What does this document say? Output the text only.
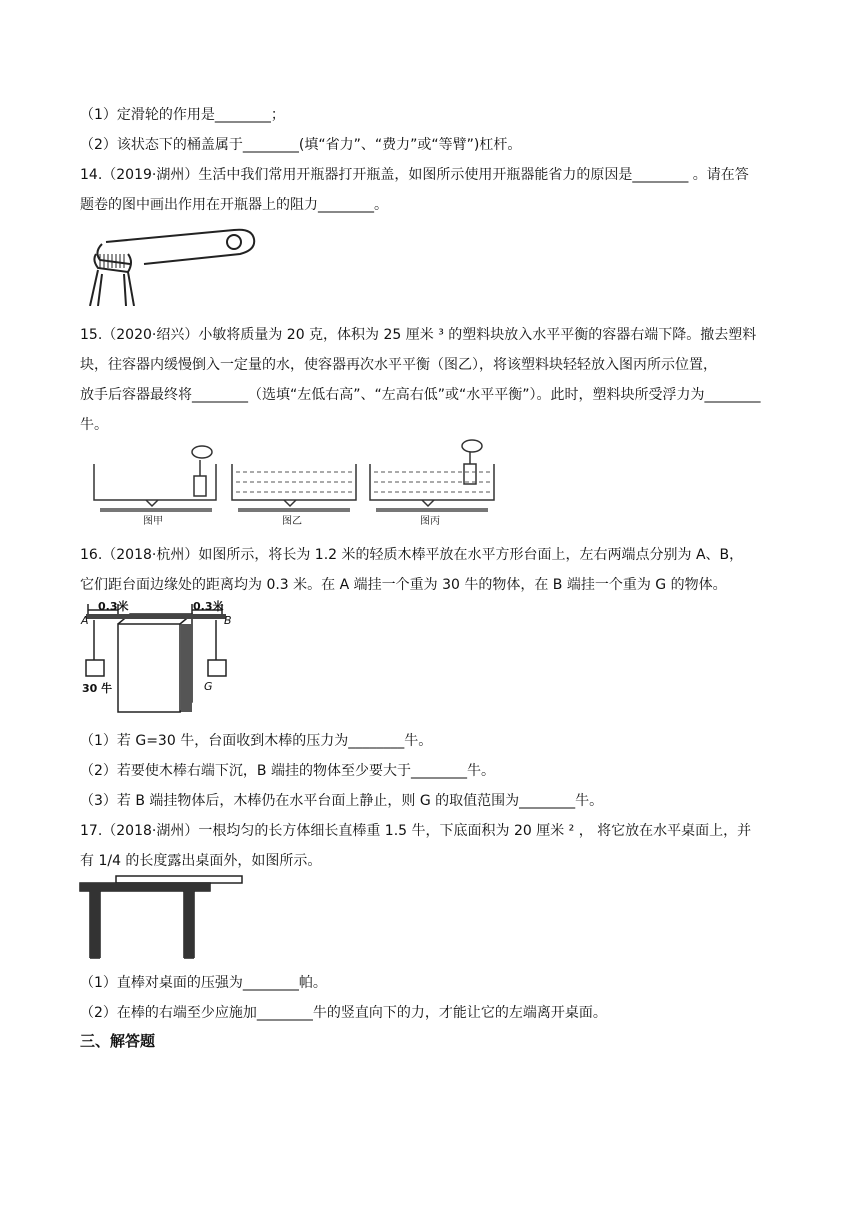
（1）定滑轮的作用是________；
（2）该状态下的桶盖属于________(填“省力”、“费力”或“等臂”)杠杆。
14.（2019·湖州）生活中我们常用开瓶器打开瓶盖，如图所示使用开瓶器能省力的原因是________ 。请在答
题卷的图中画出作用在开瓶器上的阻力________。
15.（2020·绍兴）小敏将质量为 20 克，体积为 25 厘米 ³ 的塑料块放入水平平衡的容器右端下降。撤去塑料
块，往容器内缓慢倒入一定量的水，使容器再次水平平衡（图乙），将该塑料块轻轻放入图丙所示位置，
放手后容器最终将________（选填“左低右高”、“左高右低”或“水平平衡”）。此时，塑料块所受浮力为________
牛。
图甲	图乙	图丙
16.（2018·杭州）如图所示，将长为 1.2 米的轻质木棒平放在水平方形台面上，左右两端点分别为 A、B，
它们距台面边缘处的距离均为 0.3 米。在 A 端挂一个重为 30 牛的物体，在 B 端挂一个重为 G 的物体。
0.3米	0.3米
A	B
30 牛	G
（1）若 G=30 牛，台面收到木棒的压力为________牛。
（2）若要使木棒右端下沉，B 端挂的物体至少要大于________牛。
（3）若 B 端挂物体后，木棒仍在水平台面上静止，则 G 的取值范围为________牛。
17.（2018·湖州）一根均匀的长方体细长直棒重 1.5 牛，下底面积为 20 厘米 ² ， 将它放在水平桌面上，并
有 1/4 的长度露出桌面外，如图所示。
（1）直棒对桌面的压强为________帕。
（2）在棒的右端至少应施加________牛的竖直向下的力，才能让它的左端离开桌面。
三、解答题
